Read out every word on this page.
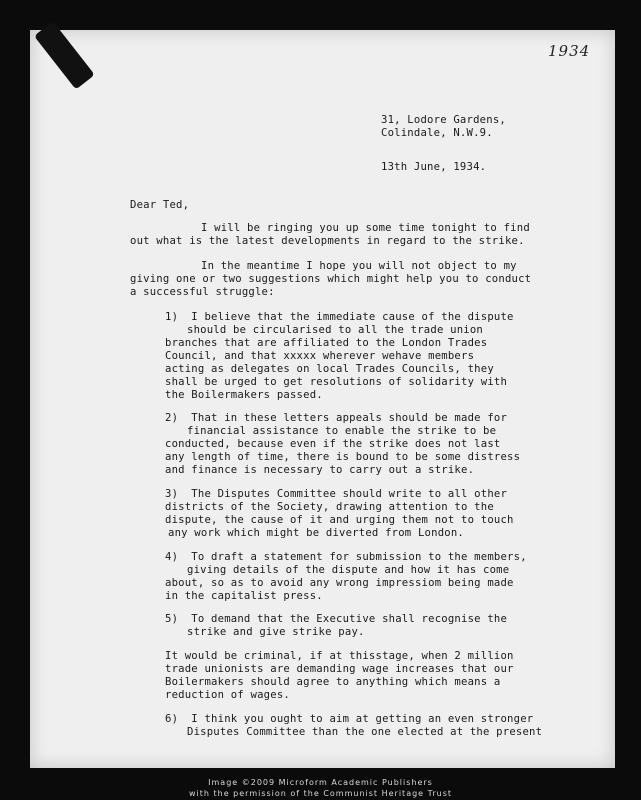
1934
31, Lodore Gardens,
Colindale, N.W.9.
13th June, 1934.
Dear Ted,
I will be ringing you up some time tonight to find
out what is the latest developments in regard to the strike.
In the meantime I hope you will not object to my
giving one or two suggestions which might help you to conduct
a successful struggle:
1)  I believe that the immediate cause of the dispute
should be circularised to all the trade union
branches that are affiliated to the London Trades
Council, and that xxxxx wherever wehave members
acting as delegates on local Trades Councils, they
shall be urged to get resolutions of solidarity with
the Boilermakers passed.
2)  That in these letters appeals should be made for
financial assistance to enable the strike to be
conducted, because even if the strike does not last
any length of time, there is bound to be some distress
and finance is necessary to carry out a strike.
3)  The Disputes Committee should write to all other
districts of the Society, drawing attention to the
dispute, the cause of it and urging them not to touch
any work which might be diverted from London.
4)  To draft a statement for submission to the members,
giving details of the dispute and how it has come
about, so as to avoid any wrong impressiom being made
in the capitalist press.
5)  To demand that the Executive shall recognise the
strike and give strike pay.
It would be criminal, if at thisstage, when 2 million
trade unionists are demanding wage increases that our
Boilermakers should agree to anything which means a
reduction of wages.
6)  I think you ought to aim at getting an even stronger
Disputes Committee than the one elected at the present
Image ©2009 Microform Academic Publishers
with the permission of the Communist Heritage Trust
